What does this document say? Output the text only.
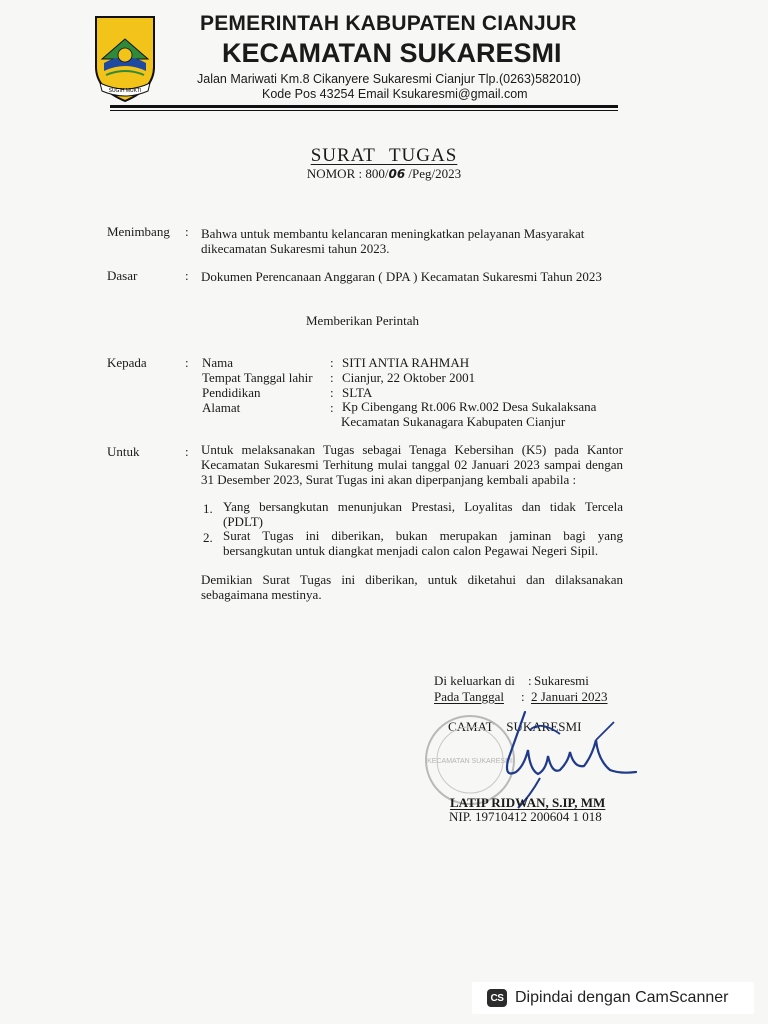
SUGIH MUKTI
PEMERINTAH KABUPATEN CIANJUR
KECAMATAN SUKARESMI
Jalan Mariwati Km.8 Cikanyere Sukaresmi Cianjur Tlp.(0263)582010)
Kode Pos 43254 Email Ksukaresmi@gmail.com
SURAT TUGAS
NOMOR : 800/06 /Peg/2023
Menimbang : Bahwa untuk membantu kelancaran meningkatkan pelayanan Masyarakat
dikecamatan Sukaresmi tahun 2023.
Dasar	: Dokumen Perencanaan Anggaran ( DPA ) Kecamatan Sukaresmi Tahun 2023
Memberikan Perintah
Kepada	: Nama	: SITI ANTIA RAHMAH
Tempat Tanggal lahir : Cianjur, 22 Oktober 2001
Pendidikan	: SLTA
Alamat	: Kp Cibengang Rt.006 Rw.002 Desa Sukalaksana
Kecamatan Sukanagara Kabupaten Cianjur
Untuk	: Untuk melaksanakan Tugas sebagai Tenaga Kebersihan (K5) pada Kantor
Kecamatan Sukaresmi Terhitung mulai tanggal 02 Januari 2023 sampai dengan
31 Desember 2023, Surat Tugas ini akan diperpanjang kembali apabila :
1. Yang bersangkutan menunjukan Prestasi, Loyalitas dan tidak Tercela
(PDLT)
2. Surat Tugas ini diberikan, bukan merupakan jaminan bagi yang
bersangkutan untuk diangkat menjadi calon calon Pegawai Negeri Sipil.
Demikian Surat Tugas ini diberikan, untuk diketahui dan dilaksanakan
sebagaimana mestinya.
Di keluarkan di : Sukaresmi
Pada Tanggal : 2 Januari 2023
CAMAT    SUKARESMI
KECAMATAN SUKARESMI
LATIP RIDWAN, S.IP, MM
NIP. 19710412 200604 1 018
CS Dipindai dengan CamScanner
